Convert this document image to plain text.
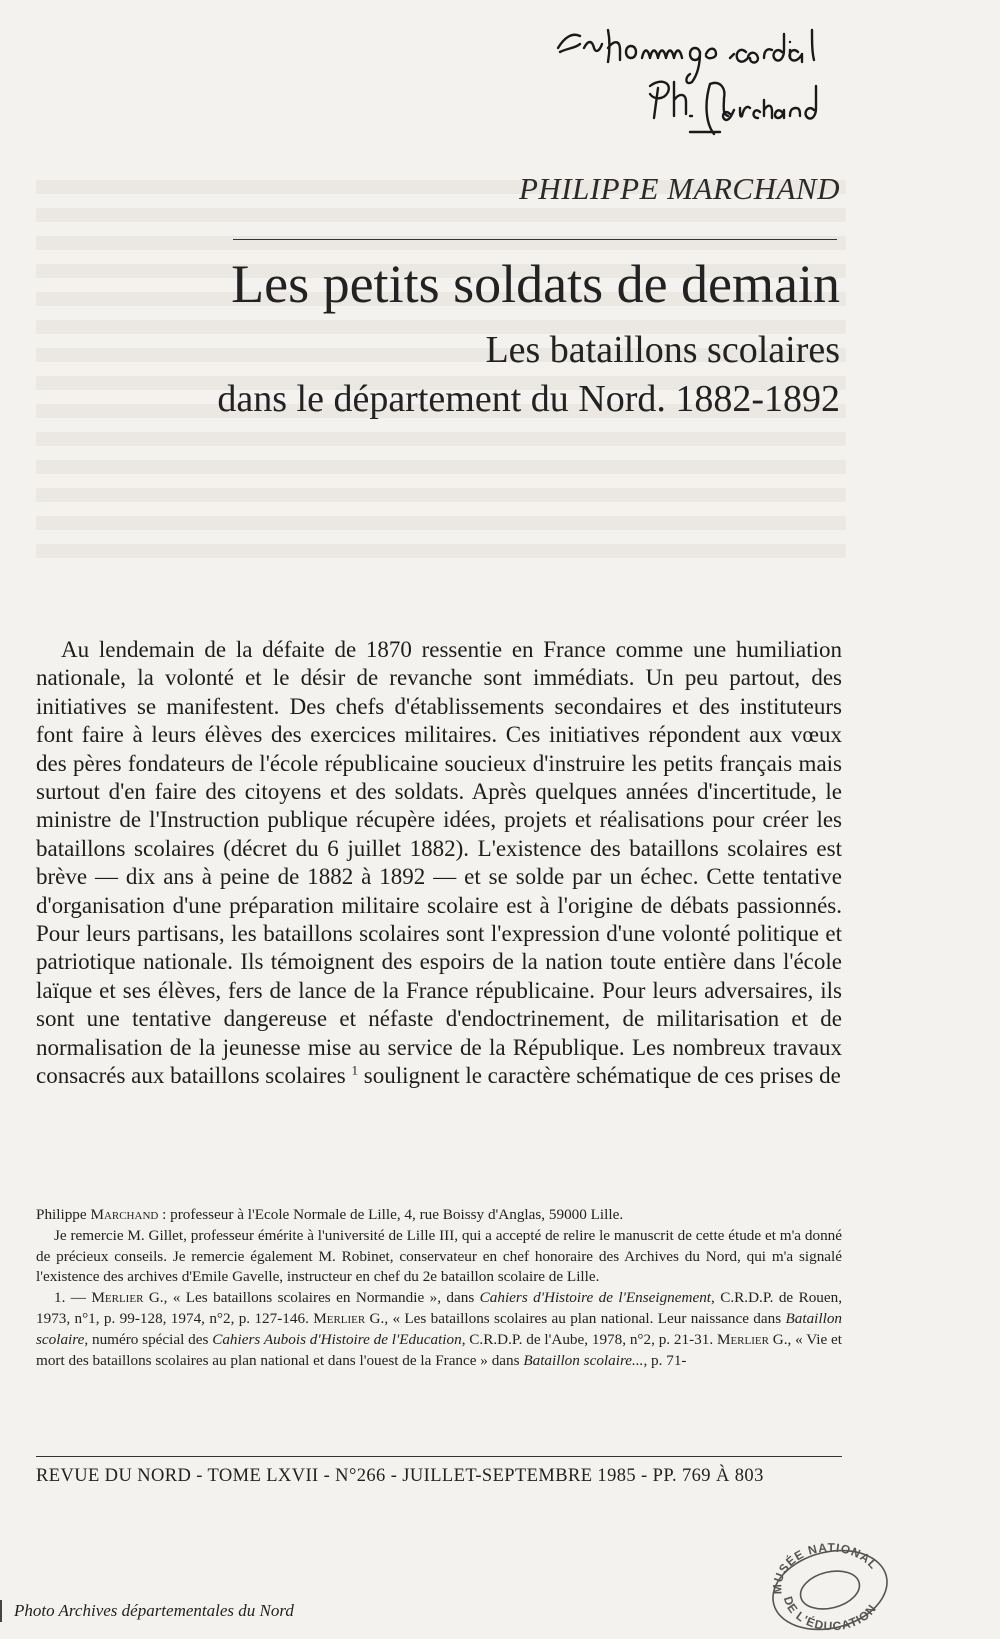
PHILIPPE MARCHAND
Les petits soldats de demain
Les bataillons scolaires
dans le département du Nord. 1882-1892

Au lendemain de la défaite de 1870 ressentie en France comme une humiliation nationale, la volonté et le désir de revanche sont immédiats. Un peu partout, des initiatives se manifestent. Des chefs d'établissements secondaires et des instituteurs font faire à leurs élèves des exercices militaires. Ces initiatives répondent aux vœux des pères fondateurs de l'école républicaine soucieux d'instruire les petits français mais surtout d'en faire des citoyens et des soldats. Après quelques années d'incertitude, le ministre de l'Instruction publique récupère idées, projets et réalisations pour créer les bataillons scolaires (décret du 6 juillet 1882). L'existence des bataillons scolaires est brève — dix ans à peine de 1882 à 1892 — et se solde par un échec. Cette tentative d'organisation d'une préparation militaire scolaire est à l'origine de débats passionnés. Pour leurs partisans, les bataillons scolaires sont l'expression d'une volonté politique et patriotique nationale. Ils témoignent des espoirs de la nation toute entière dans l'école laïque et ses élèves, fers de lance de la France républicaine. Pour leurs adversaires, ils sont une tentative dangereuse et néfaste d'endoctrinement, de militarisation et de normalisation de la jeunesse mise au service de la République. Les nombreux travaux consacrés aux bataillons scolaires $^1$ soulignent le caractère schématique de ces prises de

Philippe Marchand : professeur à l'Ecole Normale de Lille, 4, rue Boissy d'Anglas, 59000 Lille.

Je remercie M. Gillet, professeur émérite à l'université de Lille III, qui a accepté de relire le manuscrit de cette étude et m'a donné de précieux conseils. Je remercie également M. Robinet, conservateur en chef honoraire des Archives du Nord, qui m'a signalé l'existence des archives d'Emile Gavelle, instructeur en chef du 2e bataillon scolaire de Lille.

1. — Merlier G., « Les bataillons scolaires en Normandie », dans Cahiers d'Histoire de l'Enseignement, C.R.D.P. de Rouen, 1973, n°1, p. 99-128, 1974, n°2, p. 127-146. Merlier G., « Les bataillons scolaires au plan national. Leur naissance dans Bataillon scolaire, numéro spécial des Cahiers Aubois d'Histoire de l'Education, C.R.D.P. de l'Aube, 1978, n°2, p. 21-31. Merlier G., « Vie et mort des bataillons scolaires au plan national et dans l'ouest de la France » dans Bataillon scolaire..., p. 71-

REVUE DU NORD - TOME LXVII - N°266 - JUILLET-SEPTEMBRE 1985 - PP. 769 À 803
Photo Archives départementales du Nord
MUSÉE NATIONAL
DE L'ÉDUCATION
